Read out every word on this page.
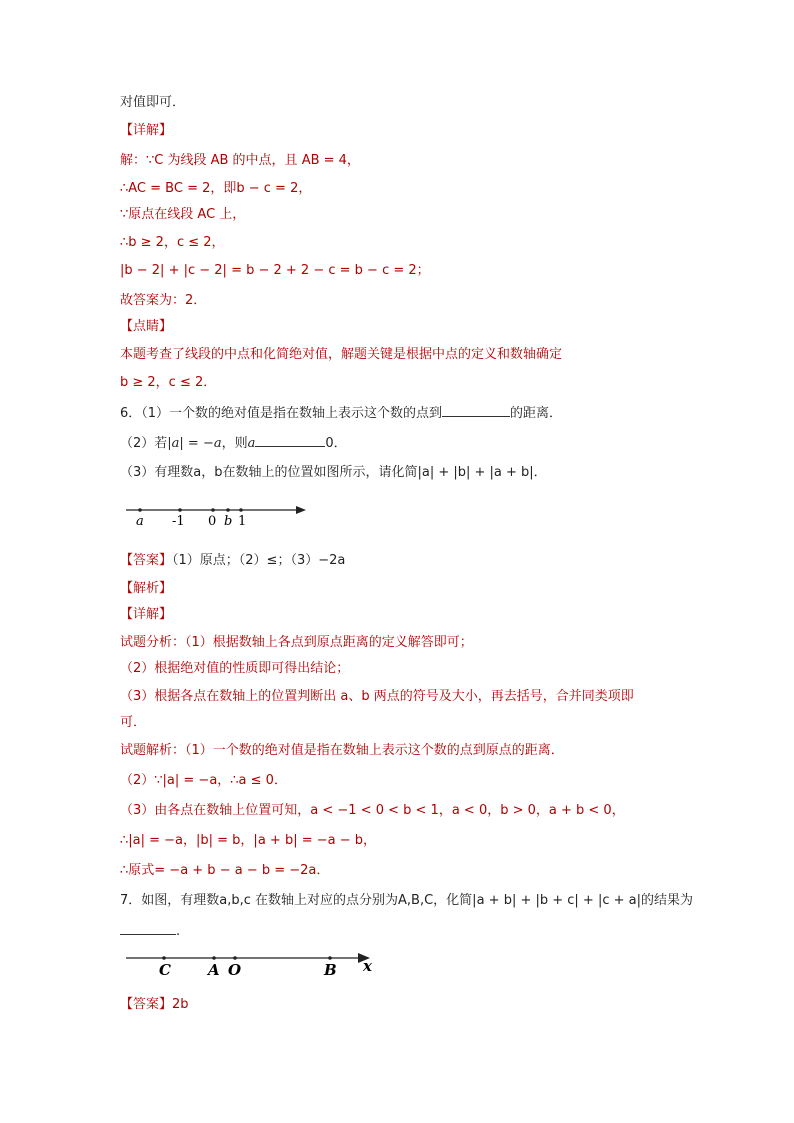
对值即可．
【详解】
解：∵C 为线段 AB 的中点，且 AB = 4，
∴AC = BC = 2，即b − c = 2，
∵原点在线段 AC 上，
∴b ≥ 2，c ≤ 2，
|b − 2| + |c − 2| = b − 2 + 2 − c = b − c = 2；
故答案为：2．
【点睛】
本题考查了线段的中点和化简绝对值，解题关键是根据中点的定义和数轴确定
b ≥ 2，c ≤ 2．
6．（1）一个数的绝对值是指在数轴上表示这个数的点到	的距离．
（2）若|a| = −a，则a	0．
（3）有理数a，b在数轴上的位置如图所示，请化简|a| + |b| + |a + b|．
a -1 0 b 1
【答案】（1）原点；（2）≤；（3）−2a
【解析】
【详解】
试题分析：（1）根据数轴上各点到原点距离的定义解答即可；
（2）根据绝对值的性质即可得出结论；
（3）根据各点在数轴上的位置判断出 a、b 两点的符号及大小，再去括号，合并同类项即
可．
试题解析：（1）一个数的绝对值是指在数轴上表示这个数的点到原点的距离．
（2）∵|a| = −a，∴a ≤ 0．
（3）由各点在数轴上位置可知，a < −1 < 0 < b < 1，a < 0，b > 0，a + b < 0，
∴|a| = −a，|b| = b，|a + b| = −a − b，
∴原式= −a + b − a − b = −2a．
7．如图，有理数a,b,c 在数轴上对应的点分别为A,B,C，化简|a + b| + |b + c| + |c + a|的结果为
.
C A O	B x
【答案】2b
